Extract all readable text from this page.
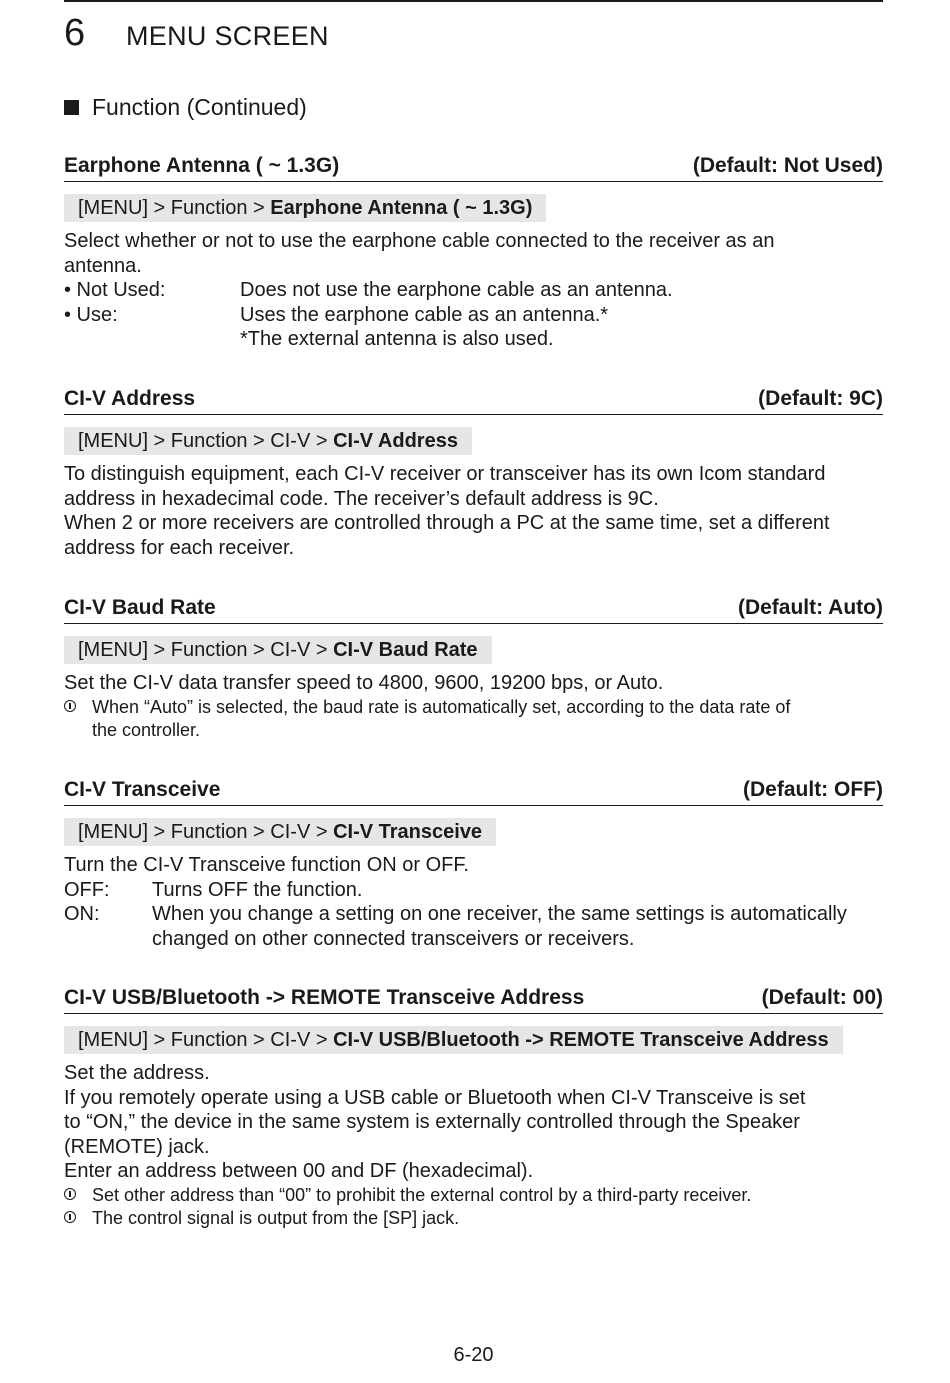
6	MENU SCREEN
Function (Continued)
Earphone Antenna ( ~ 1.3G)	(Default: Not Used)
[MENU] > Function > Earphone Antenna ( ~ 1.3G)

Select whether or not to use the earphone cable connected to the receiver as an

antenna.

• Not Used:	Does not use the earphone cable as an antenna.
• Use:	Uses the earphone cable as an antenna.*
*The external antenna is also used.
CI-V Address	(Default: 9C)
[MENU] > Function > CI-V > CI-V Address

To distinguish equipment, each CI-V receiver or transceiver has its own Icom standard

address in hexadecimal code. The receiver’s default address is 9C.

When 2 or more receivers are controlled through a PC at the same time, set a different

address for each receiver.

CI-V Baud Rate	(Default: Auto)
[MENU] > Function > CI-V > CI-V Baud Rate

Set the CI-V data transfer speed to 4800, 9600, 19200 bps, or Auto.

When “Auto” is selected, the baud rate is automatically set, according to the data rate of
the controller.
CI-V Transceive	(Default: OFF)
[MENU] > Function > CI-V > CI-V Transceive

Turn the CI-V Transceive function ON or OFF.

OFF:	Turns OFF the function.
ON:	When you change a setting on one receiver, the same settings is automatically
changed on other connected transceivers or receivers.
CI-V USB/Bluetooth -> REMOTE Transceive Address	(Default: 00)
[MENU] > Function > CI-V > CI-V USB/Bluetooth -> REMOTE Transceive Address

Set the address.

If you remotely operate using a USB cable or Bluetooth when CI-V Transceive is set

to “ON,” the device in the same system is externally controlled through the Speaker

(REMOTE) jack.

Enter an address between 00 and DF (hexadecimal).

Set other address than “00” to prohibit the external control by a third-party receiver.
The control signal is output from the [SP] jack.
6-20
